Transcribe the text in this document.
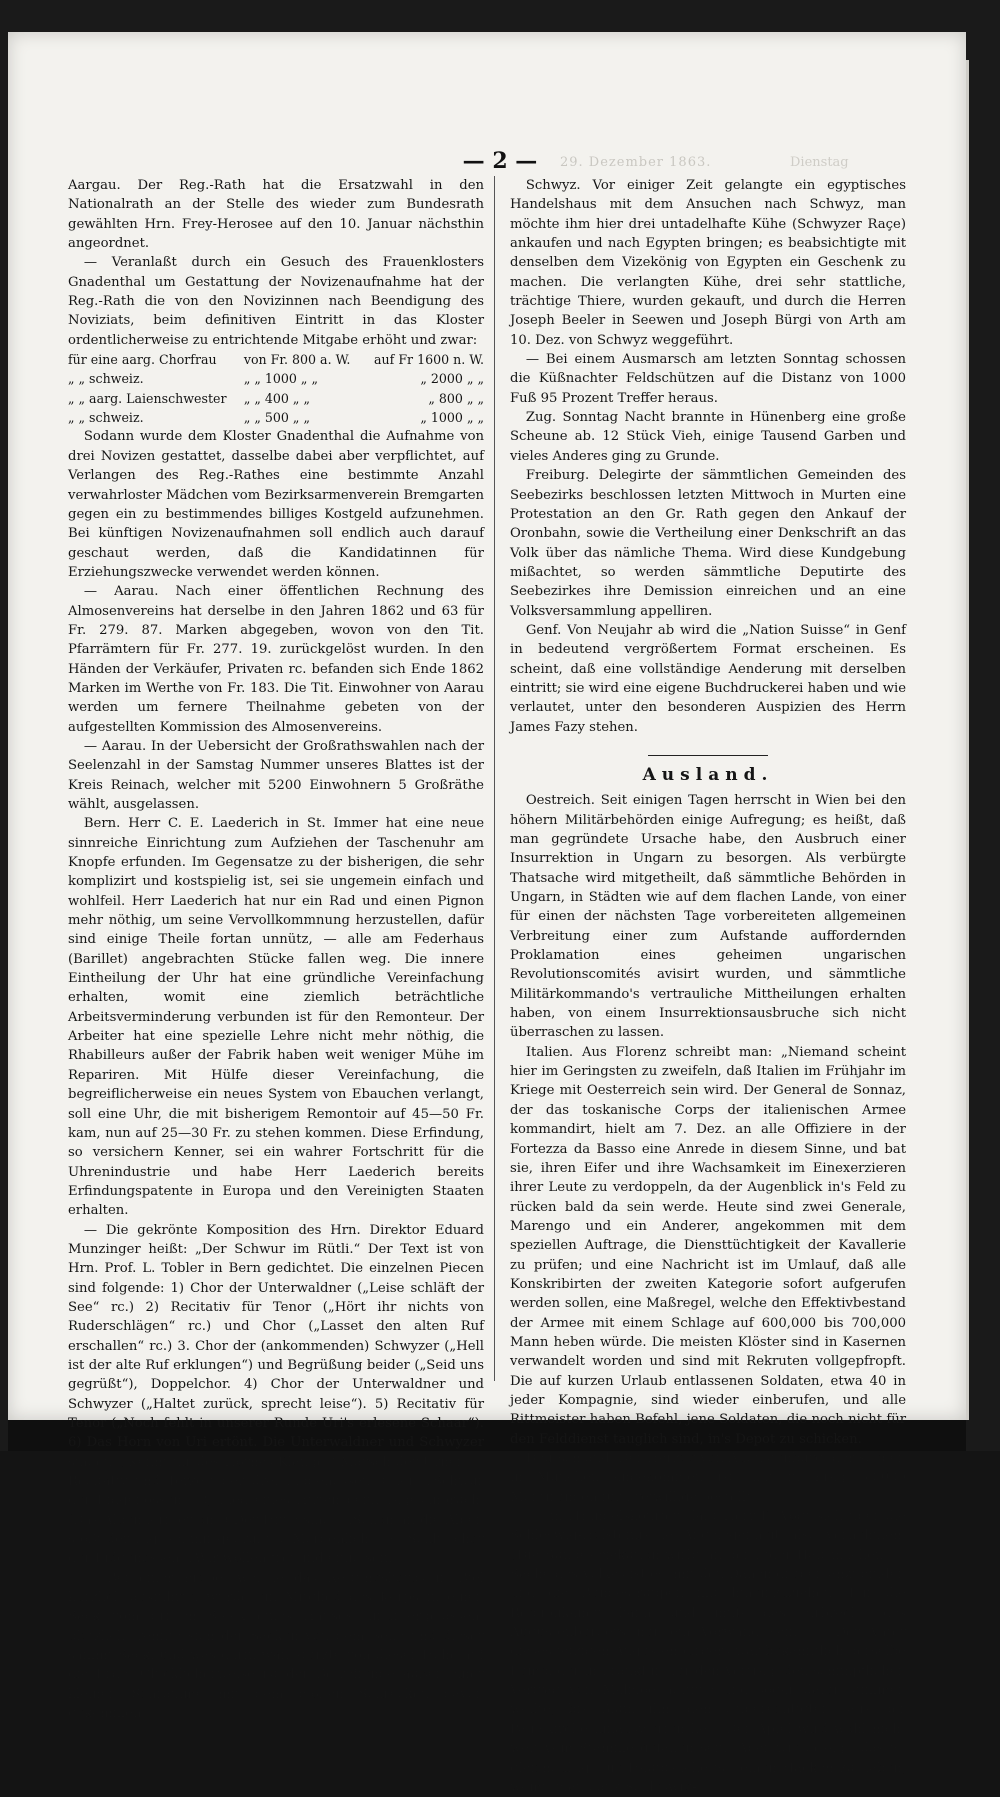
29. Dezember 1863.	Dienstag
— 2 —

Aargau. Der Reg.-Rath hat die Ersatzwahl in den Nationalrath an der Stelle des wieder zum Bundesrath gewählten Hrn. Frey-Herosee auf den 10. Januar nächsthin angeordnet.

— Veranlaßt durch ein Gesuch des Frauenklosters Gnadenthal um Gestattung der Novizenaufnahme hat der Reg.-Rath die von den Novizinnen nach Beendigung des Noviziats, beim definitiven Eintritt in das Kloster ordentlicherweise zu entrichtende Mitgabe erhöht und zwar:

für eine aarg. Chorfrau	von Fr. 800 a. W.	auf Fr 1600 n. W.
„ „ schweiz.	„ „ 1000 „ „	„ 2000 „ „
„ „ aarg. Laienschwester	„ „ 400 „ „	„ 800 „ „
„ „ schweiz.	„ „ 500 „ „	„ 1000 „ „

Sodann wurde dem Kloster Gnadenthal die Aufnahme von drei Novizen gestattet, dasselbe dabei aber verpflichtet, auf Verlangen des Reg.-Rathes eine bestimmte Anzahl verwahrloster Mädchen vom Bezirksarmenverein Bremgarten gegen ein zu bestimmendes billiges Kostgeld aufzunehmen. Bei künftigen Novizenaufnahmen soll endlich auch darauf geschaut werden, daß die Kandidatinnen für Erziehungszwecke verwendet werden können.

— Aarau. Nach einer öffentlichen Rechnung des Almosenvereins hat derselbe in den Jahren 1862 und 63 für Fr. 279. 87. Marken abgegeben, wovon von den Tit. Pfarrämtern für Fr. 277. 19. zurückgelöst wurden. In den Händen der Verkäufer, Privaten rc. befanden sich Ende 1862 Marken im Werthe von Fr. 183. Die Tit. Einwohner von Aarau werden um fernere Theilnahme gebeten von der aufgestellten Kommission des Almosenvereins.

— Aarau. In der Uebersicht der Großrathswahlen nach der Seelenzahl in der Samstag Nummer unseres Blattes ist der Kreis Reinach, welcher mit 5200 Einwohnern 5 Großräthe wählt, ausgelassen.

Bern. Herr C. E. Laederich in St. Immer hat eine neue sinnreiche Einrichtung zum Aufziehen der Taschenuhr am Knopfe erfunden. Im Gegensatze zu der bisherigen, die sehr komplizirt und kostspielig ist, sei sie ungemein einfach und wohlfeil. Herr Laederich hat nur ein Rad und einen Pignon mehr nöthig, um seine Vervollkommnung herzustellen, dafür sind einige Theile fortan unnütz, — alle am Federhaus (Barillet) angebrachten Stücke fallen weg. Die innere Eintheilung der Uhr hat eine gründliche Vereinfachung erhalten, womit eine ziemlich beträchtliche Arbeitsverminderung verbunden ist für den Remonteur. Der Arbeiter hat eine spezielle Lehre nicht mehr nöthig, die Rhabilleurs außer der Fabrik haben weit weniger Mühe im Repariren. Mit Hülfe dieser Vereinfachung, die begreiflicherweise ein neues System von Ebauchen verlangt, soll eine Uhr, die mit bisherigem Remontoir auf 45—50 Fr. kam, nun auf 25—30 Fr. zu stehen kommen. Diese Erfindung, so versichern Kenner, sei ein wahrer Fortschritt für die Uhrenindustrie und habe Herr Laederich bereits Erfindungspatente in Europa und den Vereinigten Staaten erhalten.

— Die gekrönte Komposition des Hrn. Direktor Eduard Munzinger heißt: „Der Schwur im Rütli.“ Der Text ist von Hrn. Prof. L. Tobler in Bern gedichtet. Die einzelnen Piecen sind folgende: 1) Chor der Unterwaldner („Leise schläft der See“ rc.) 2) Recitativ für Tenor („Hört ihr nichts von Ruderschlägen“ rc.) und Chor („Lasset den alten Ruf erschallen“ rc.) 3. Chor der (ankommenden) Schwyzer („Hell ist der alte Ruf erklungen“) und Begrüßung beider („Seid uns gegrüßt“), Doppelchor. 4) Chor der Unterwaldner und Schwyzer („Haltet zurück, sprecht leise“). 5) Recitativ für Tenor („Noch fehlt in unserer Runde Uri's erlesene Schaar“). 6) Das Horn von Uri ertönt. Die Unterwaldner und Schwyzer singen: „Kennt ihr des Hornes Klänge.“ Marsch der Urner. 7) Recitativ und Terzett der drei Eidgenossen. Chor: „Schwur der Eidgenossen“. 8) Lied eines Hirten beim Tagesanbruch. (Das Alpenhorn ertönt.) Der Hirte singt: „Schon an die Alpen stößt der Tag; sei mir gegrüßt, o Morgenlicht.“ 9) Schlußchor der Eidgenossen: „Wir wollen frei und einig sein.“

— Bei einer Probe, welche das Rettungskorps in Biel kürzlich ausführte, wurde ein Mitglied des Korps in einen Sack vom dritten Stock eines Hauses hinuntergelassen; plötzlich trennte sich der Sacken von dem Seile und dieser sammt Sack, und was darin war, stürzte von dieser Höhe auf die Erde. Glücklicherweise ist der Betreffende außer einer kleinen Schramme mit dem bloßen Schrecken davon gekommen.

Schwyz. Vor einiger Zeit gelangte ein egyptisches Handelshaus mit dem Ansuchen nach Schwyz, man möchte ihm hier drei untadelhafte Kühe (Schwyzer Raçe) ankaufen und nach Egypten bringen; es beabsichtigte mit denselben dem Vizekönig von Egypten ein Geschenk zu machen. Die verlangten Kühe, drei sehr stattliche, trächtige Thiere, wurden gekauft, und durch die Herren Joseph Beeler in Seewen und Joseph Bürgi von Arth am 10. Dez. von Schwyz weggeführt.

— Bei einem Ausmarsch am letzten Sonntag schossen die Küßnachter Feldschützen auf die Distanz von 1000 Fuß 95 Prozent Treffer heraus.

Zug. Sonntag Nacht brannte in Hünenberg eine große Scheune ab. 12 Stück Vieh, einige Tausend Garben und vieles Anderes ging zu Grunde.

Freiburg. Delegirte der sämmtlichen Gemeinden des Seebezirks beschlossen letzten Mittwoch in Murten eine Protestation an den Gr. Rath gegen den Ankauf der Oronbahn, sowie die Vertheilung einer Denkschrift an das Volk über das nämliche Thema. Wird diese Kundgebung mißachtet, so werden sämmtliche Deputirte des Seebezirkes ihre Demission einreichen und an eine Volksversammlung appelliren.

Genf. Von Neujahr ab wird die „Nation Suisse“ in Genf in bedeutend vergrößertem Format erscheinen. Es scheint, daß eine vollständige Aenderung mit derselben eintritt; sie wird eine eigene Buchdruckerei haben und wie verlautet, unter den besonderen Auspizien des Herrn James Fazy stehen.

Ausland.

Oestreich. Seit einigen Tagen herrscht in Wien bei den höhern Militärbehörden einige Aufregung; es heißt, daß man gegründete Ursache habe, den Ausbruch einer Insurrektion in Ungarn zu besorgen. Als verbürgte Thatsache wird mitgetheilt, daß sämmtliche Behörden in Ungarn, in Städten wie auf dem flachen Lande, von einer für einen der nächsten Tage vorbereiteten allgemeinen Verbreitung einer zum Aufstande auffordernden Proklamation eines geheimen ungarischen Revolutionscomités avisirt wurden, und sämmtliche Militärkommando's vertrauliche Mittheilungen erhalten haben, von einem Insurrektionsausbruche sich nicht überraschen zu lassen.

Italien. Aus Florenz schreibt man: „Niemand scheint hier im Geringsten zu zweifeln, daß Italien im Frühjahr im Kriege mit Oesterreich sein wird. Der General de Sonnaz, der das toskanische Corps der italienischen Armee kommandirt, hielt am 7. Dez. an alle Offiziere in der Fortezza da Basso eine Anrede in diesem Sinne, und bat sie, ihren Eifer und ihre Wachsamkeit im Einexerzieren ihrer Leute zu verdoppeln, da der Augenblick in's Feld zu rücken bald da sein werde. Heute sind zwei Generale, Marengo und ein Anderer, angekommen mit dem speziellen Auftrage, die Diensttüchtigkeit der Kavallerie zu prüfen; und eine Nachricht ist im Umlauf, daß alle Konskribirten der zweiten Kategorie sofort aufgerufen werden sollen, eine Maßregel, welche den Effektivbestand der Armee mit einem Schlage auf 600,000 bis 700,000 Mann heben würde. Die meisten Klöster sind in Kasernen verwandelt worden und sind mit Rekruten vollgepfropft. Die auf kurzen Urlaub entlassenen Soldaten, etwa 40 in jeder Kompagnie, sind wieder einberufen, und alle Rittmeister haben Befehl, jene Soldaten, die noch nicht für den Felddienst tauglich sind, in's Depot zu schicken.

Deutschland. Der Herzog von Augustenburg, der soeben in München angekommen ist, hat in Prag 30,000 Montirungen für Freiwillige bestellt.

— Im „Handelskourier“ läßt Herr K. Vogt sich über die Schleswig-Holsteinische Angelegenheit also vernehmen: „Die Bundesexekution wirbt an der Eider Halt machen. — Sache des Volkes ist es, mit den Dänen drüben anzubinden und die Bundestruppen mit hineinzuziehen. Für die Republikaner kann und muß das Erbrecht des Augustenburgers nur ein Vorwand sein. — Der Vater dieses jetzigen Augustenburgers war bekanntlich derselbe Lump, der in Frankfurt für den Vertrag, den schimpflichen Vertrag von Malmoe agitirte und sogar dafür stimmen wollte, bis Blum ihn, den Unberechtigten, aus der Paulskirche hinauswerfen ließ. Der Apfel wird wohl nicht weit vom Stamme gefallen sein. Aber wie gesagt, das ist gleichgültig. Die Hauptsache ist, einen Hacken zu haben, womit man ganz Schleswig-
